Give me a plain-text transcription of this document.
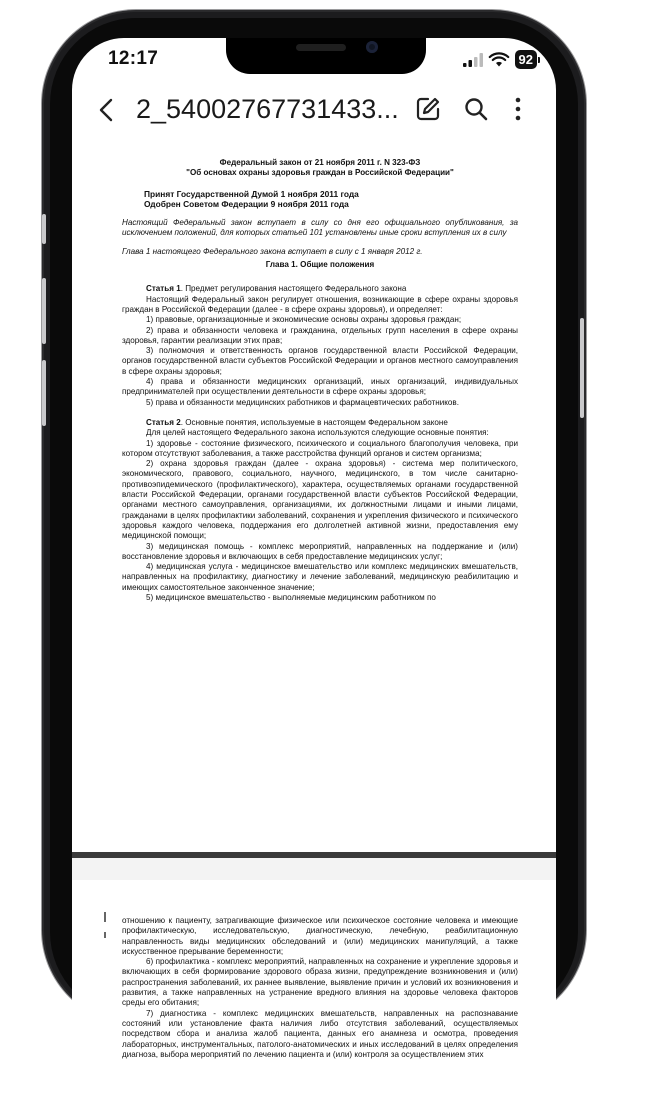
12:17	92
2_54002767731433...
Федеральный закон от 21 ноября 2011 г. N 323-ФЗ
"Об основах охраны здоровья граждан в Российской Федерации"
Принят Государственной Думой 1 ноября 2011 года
Одобрен Советом Федерации 9 ноября 2011 года
Настоящий Федеральный закон вступает в силу со дня его официального опубликования, за исключением положений, для которых статьей 101 установлены иные сроки вступления их в силу
Глава 1 настоящего Федерального закона вступает в силу с 1 января 2012 г.
Глава 1. Общие положения
Статья 1. Предмет регулирования настоящего Федерального закона
Настоящий Федеральный закон регулирует отношения, возникающие в сфере охраны здоровья граждан в Российской Федерации (далее - в сфере охраны здоровья), и определяет:
1) правовые, организационные и экономические основы охраны здоровья граждан;
2) права и обязанности человека и гражданина, отдельных групп населения в сфере охраны здоровья, гарантии реализации этих прав;
3) полномочия и ответственность органов государственной власти Российской Федерации, органов государственной власти субъектов Российской Федерации и органов местного самоуправления в сфере охраны здоровья;
4) права и обязанности медицинских организаций, иных организаций, индивидуальных предпринимателей при осуществлении деятельности в сфере охраны здоровья;
5) права и обязанности медицинских работников и фармацевтических работников.
Статья 2. Основные понятия, используемые в настоящем Федеральном законе
Для целей настоящего Федерального закона используются следующие основные понятия:
1) здоровье - состояние физического, психического и социального благополучия человека, при котором отсутствуют заболевания, а также расстройства функций органов и систем организма;
2) охрана здоровья граждан (далее - охрана здоровья) - система мер политического, экономического, правового, социального, научного, медицинского, в том числе санитарно-противоэпидемического (профилактического), характера, осуществляемых органами государственной власти Российской Федерации, органами государственной власти субъектов Российской Федерации, органами местного самоуправления, организациями, их должностными лицами и иными лицами, гражданами в целях профилактики заболеваний, сохранения и укрепления физического и психического здоровья каждого человека, поддержания его долголетней активной жизни, предоставления ему медицинской помощи;
3) медицинская помощь - комплекс мероприятий, направленных на поддержание и (или) восстановление здоровья и включающих в себя предоставление медицинских услуг;
4) медицинская услуга - медицинское вмешательство или комплекс медицинских вмешательств, направленных на профилактику, диагностику и лечение заболеваний, медицинскую реабилитацию и имеющих самостоятельное законченное значение;
5) медицинское вмешательство - выполняемые медицинским работником по
отношению к пациенту, затрагивающие физическое или психическое состояние человека и имеющие профилактическую, исследовательскую, диагностическую, лечебную, реабилитационную направленность виды медицинских обследований и (или) медицинских манипуляций, а также искусственное прерывание беременности;
6) профилактика - комплекс мероприятий, направленных на сохранение и укрепление здоровья и включающих в себя формирование здорового образа жизни, предупреждение возникновения и (или) распространения заболеваний, их раннее выявление, выявление причин и условий их возникновения и развития, а также направленных на устранение вредного влияния на здоровье человека факторов среды его обитания;
7) диагностика - комплекс медицинских вмешательств, направленных на распознавание состояний или установление факта наличия либо отсутствия заболеваний, осуществляемых посредством сбора и анализа жалоб пациента, данных его анамнеза и осмотра, проведения лабораторных, инструментальных, патолого-анатомических и иных исследований в целях определения диагноза, выбора мероприятий по лечению пациента и (или) контроля за осуществлением этих
